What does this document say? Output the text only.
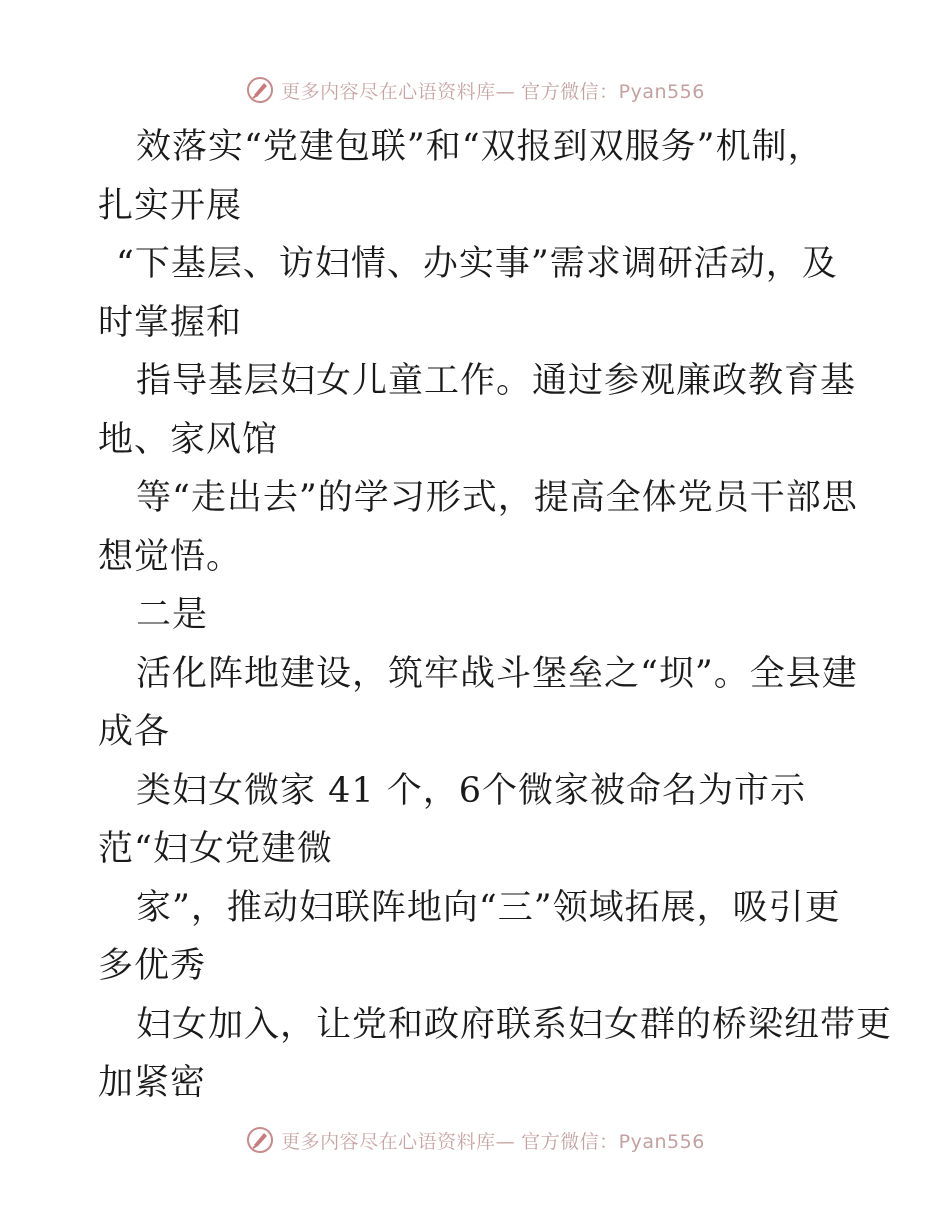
更多内容尽在心语资料库— 官方微信：Pyan556
效落实“党建包联”和“双报到双服务”机制，
扎实开展
“下基层、访妇情、办实事”需求调研活动，及
时掌握和
指导基层妇女儿童工作。通过参观廉政教育基
地、家风馆
等“走出去”的学习形式，提高全体党员干部思
想觉悟。
二是
活化阵地建设，筑牢战斗堡垒之“坝”。全县建
成各
类妇女微家 41 个，6个微家被命名为市示
范“妇女党建微
家”，推动妇联阵地向“三”领域拓展，吸引更
多优秀
妇女加入，让党和政府联系妇女群的桥梁纽带更
加紧密
更多内容尽在心语资料库— 官方微信：Pyan556
